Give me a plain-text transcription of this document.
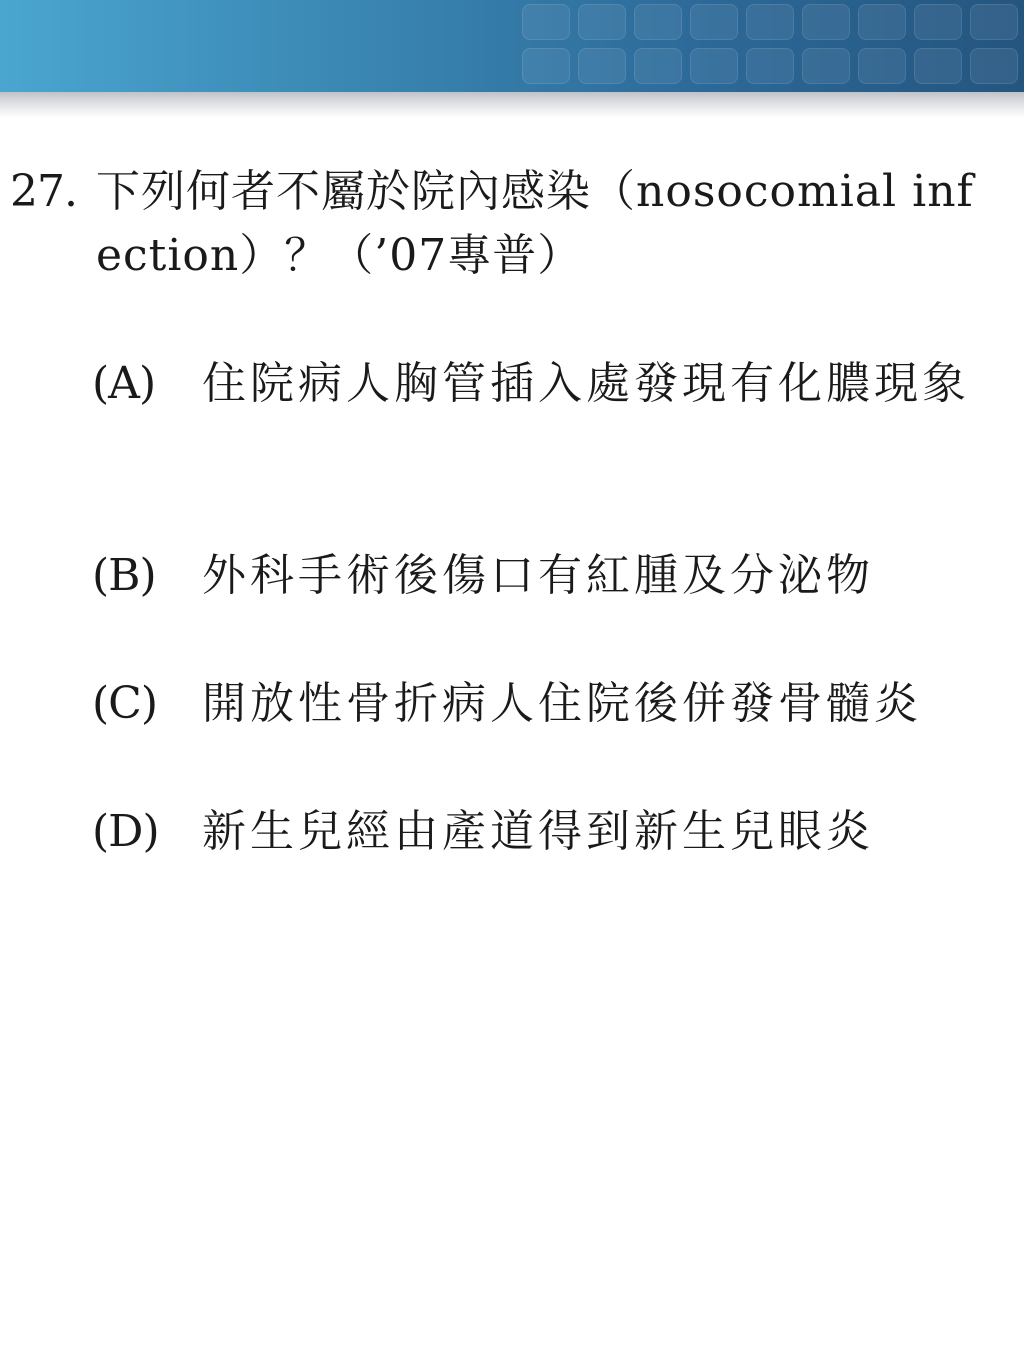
27. 下列何者不屬於院內感染（nosocomial infection）？（’07專普）
(A)	住院病人胸管插入處發現有化膿現象
(B)	外科手術後傷口有紅腫及分泌物
(C)	開放性骨折病人住院後併發骨髓炎
(D) 新生兒經由產道得到新生兒眼炎
